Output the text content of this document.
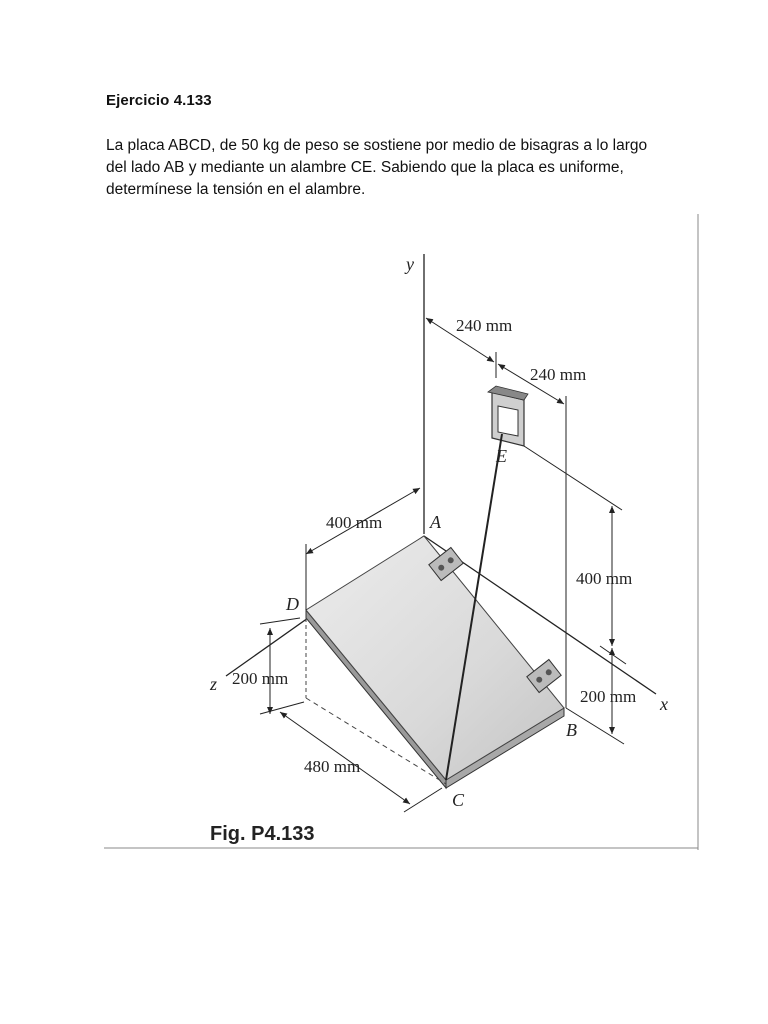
Ejercicio 4.133
La placa ABCD, de 50 kg de peso se sostiene por medio de bisagras a lo largo del lado AB y mediante un alambre CE. Sabiendo que la placa es uniforme, determínese la tensión en el alambre.
240 mm
240 mm
400 mm
200 mm
400 mm
200 mm
480 mm
y
x
z
A
B
C
D
E
Fig. P4.133
